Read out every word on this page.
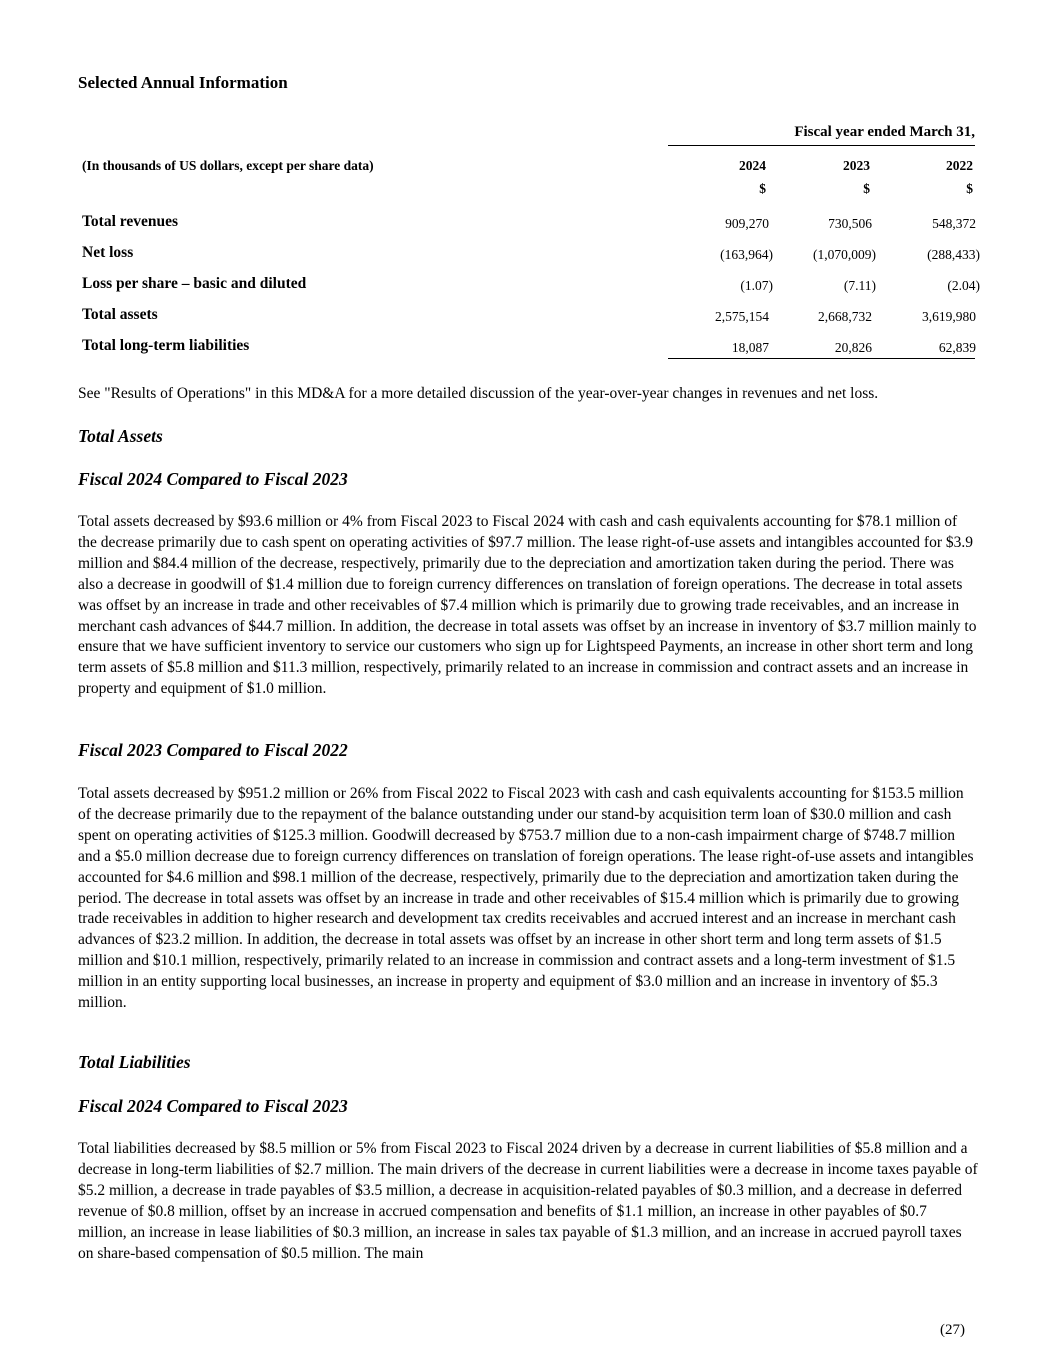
Selected Annual Information
Fiscal year ended March 31,
(In thousands of US dollars, except per share data)	2024	2023	2022
$	$	$
Total revenues	909,270	730,506	548,372
Net loss	(163,964)	(1,070,009)	(288,433)
Loss per share – basic and diluted	(1.07)	(7.11)	(2.04)
Total assets	2,575,154	2,668,732	3,619,980
Total long-term liabilities	18,087	20,826	62,839

See "Results of Operations" in this MD&A for a more detailed discussion of the year-over-year changes in revenues and net loss.

Total Assets
Fiscal 2024 Compared to Fiscal 2023

Total assets decreased by $93.6 million or 4% from Fiscal 2023 to Fiscal 2024 with cash and cash equivalents accounting for $78.1 million of the decrease primarily due to cash spent on operating activities of $97.7 million. The lease right-of-use assets and intangibles accounted for $3.9 million and $84.4 million of the decrease, respectively, primarily due to the depreciation and amortization taken during the period. There was also a decrease in goodwill of $1.4 million due to foreign currency differences on translation of foreign operations. The decrease in total assets was offset by an increase in trade and other receivables of $7.4 million which is primarily due to growing trade receivables, and an increase in merchant cash advances of $44.7 million. In addition, the decrease in total assets was offset by an increase in inventory of $3.7 million mainly to ensure that we have sufficient inventory to service our customers who sign up for Lightspeed Payments, an increase in other short term and long term assets of $5.8 million and $11.3 million, respectively, primarily related to an increase in commission and contract assets and an increase in property and equipment of $1.0 million.

Fiscal 2023 Compared to Fiscal 2022

Total assets decreased by $951.2 million or 26% from Fiscal 2022 to Fiscal 2023 with cash and cash equivalents accounting for $153.5 million of the decrease primarily due to the repayment of the balance outstanding under our stand-by acquisition term loan of $30.0 million and cash spent on operating activities of $125.3 million. Goodwill decreased by $753.7 million due to a non-cash impairment charge of $748.7 million and a $5.0 million decrease due to foreign currency differences on translation of foreign operations. The lease right-of-use assets and intangibles accounted for $4.6 million and $98.1 million of the decrease, respectively, primarily due to the depreciation and amortization taken during the period. The decrease in total assets was offset by an increase in trade and other receivables of $15.4 million which is primarily due to growing trade receivables in addition to higher research and development tax credits receivables and accrued interest and an increase in merchant cash advances of $23.2 million. In addition, the decrease in total assets was offset by an increase in other short term and long term assets of $1.5 million and $10.1 million, respectively, primarily related to an increase in commission and contract assets and a long-term investment of $1.5 million in an entity supporting local businesses, an increase in property and equipment of $3.0 million and an increase in inventory of $5.3 million.

Total Liabilities
Fiscal 2024 Compared to Fiscal 2023

Total liabilities decreased by $8.5 million or 5% from Fiscal 2023 to Fiscal 2024 driven by a decrease in current liabilities of $5.8 million and a decrease in long-term liabilities of $2.7 million. The main drivers of the decrease in current liabilities were a decrease in income taxes payable of $5.2 million, a decrease in trade payables of $3.5 million, a decrease in acquisition-related payables of $0.3 million, and a decrease in deferred revenue of $0.8 million, offset by an increase in accrued compensation and benefits of $1.1 million, an increase in other payables of $0.7 million, an increase in lease liabilities of $0.3 million, an increase in sales tax payable of $1.3 million, and an increase in accrued payroll taxes on share-based compensation of $0.5 million. The main

(27)
